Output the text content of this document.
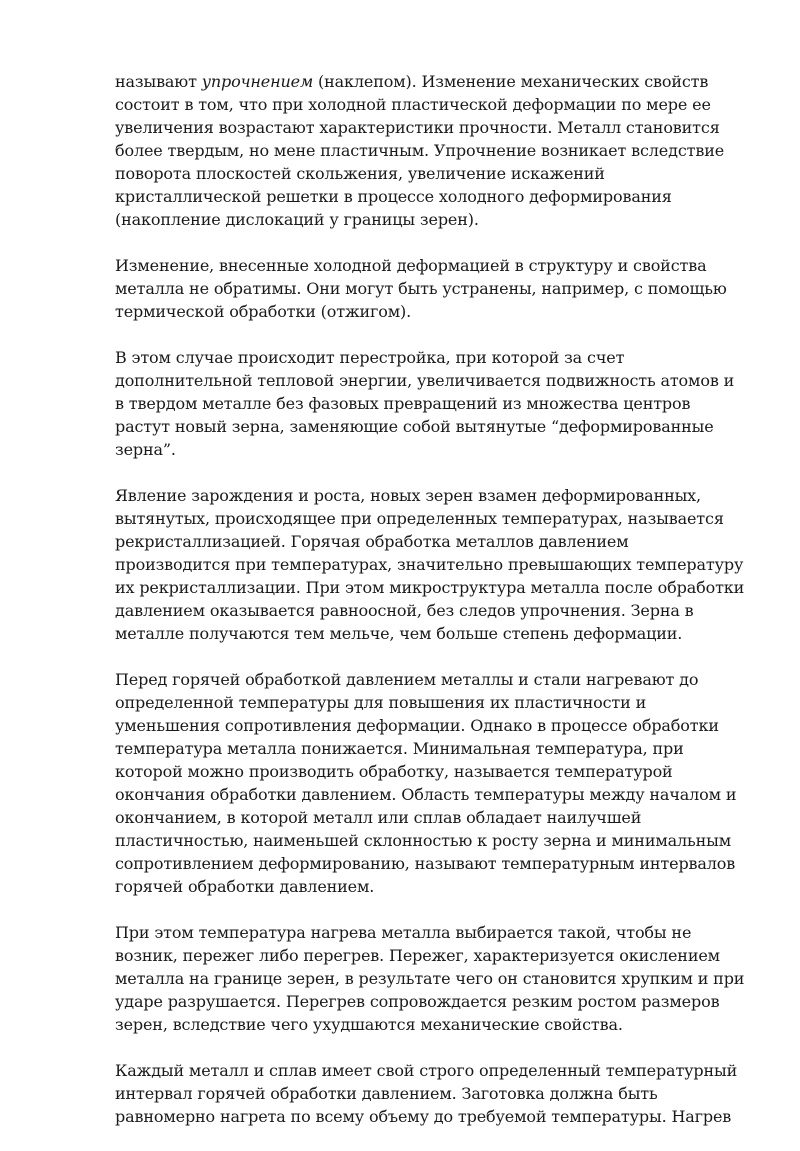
называют упрочнением (наклепом). Изменение механических свойств состоит в том, что при холодной пластической деформации по мере ее увеличения возрастают характеристики прочности. Металл становится более твердым, но мене пластичным. Упрочнение возникает вследствие поворота плоскостей скольжения, увеличение искажений кристаллической решетки в процессе холодного деформирования (накопление дислокаций у границы зерен).

Изменение, внесенные холодной деформацией в структуру и свойства металла не обратимы. Они могут быть устранены, например, с помощью термической обработки (отжигом).

В этом случае происходит перестройка, при которой за счет дополнительной тепловой энергии, увеличивается подвижность атомов и в твердом металле без фазовых превращений из множества центров растут новый зерна, заменяющие собой вытянутые “деформированные зерна”.

Явление зарождения и роста, новых зерен взамен деформированных, вытянутых, происходящее при определенных температурах, называется рекристаллизацией. Горячая обработка металлов давлением производится при температурах, значительно превышающих температуру их рекристаллизации. При этом микроструктура металла после обработки давлением оказывается равноосной, без следов упрочнения. Зерна в металле получаются тем мельче, чем больше степень деформации.

Перед горячей обработкой давлением металлы и стали нагревают до определенной температуры для повышения их пластичности и уменьшения сопротивления деформации. Однако в процессе обработки температура металла понижается. Минимальная температура, при которой можно производить обработку, называется температурой окончания обработки давлением. Область температуры между началом и окончанием, в которой металл или сплав обладает наилучшей пластичностью, наименьшей склонностью к росту зерна и минимальным сопротивлением деформированию, называют температурным интервалов горячей обработки давлением.

При этом температура нагрева металла выбирается такой, чтобы не возник, пережег либо перегрев. Пережег, характеризуется окислением металла на границе зерен, в результате чего он становится хрупким и при ударе разрушается. Перегрев сопровождается резким ростом размеров зерен, вследствие чего ухудшаются механические свойства.

Каждый металл и сплав имеет свой строго определенный температурный интервал горячей обработки давлением. Заготовка должна быть равномерно нагрета по всему объему до требуемой температуры. Нагрев
